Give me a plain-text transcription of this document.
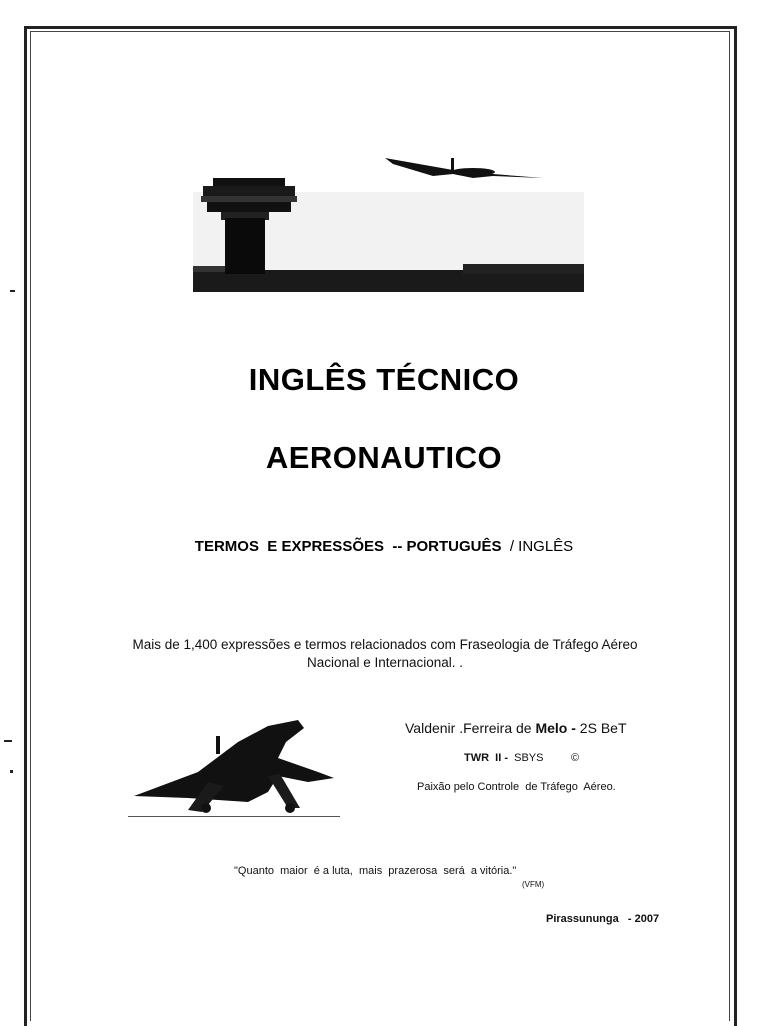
INGLÊS TÉCNICO
AERONAUTICO
TERMOS  E EXPRESSÕES  -- PORTUGUÊS  / INGLÊS
Mais de 1,400 expressões e termos relacionados com Fraseologia de Tráfego Aéreo
Nacional e Internacional. .
Valdenir .Ferreira de Melo - 2S BeT
TWR  II -  SBYS         ©
Paixão pelo Controle  de Tráfego  Aéreo.
"Quanto  maior  é a luta,  mais  prazerosa  será  a vitória."
(VFM)
Pirassununga   - 2007
